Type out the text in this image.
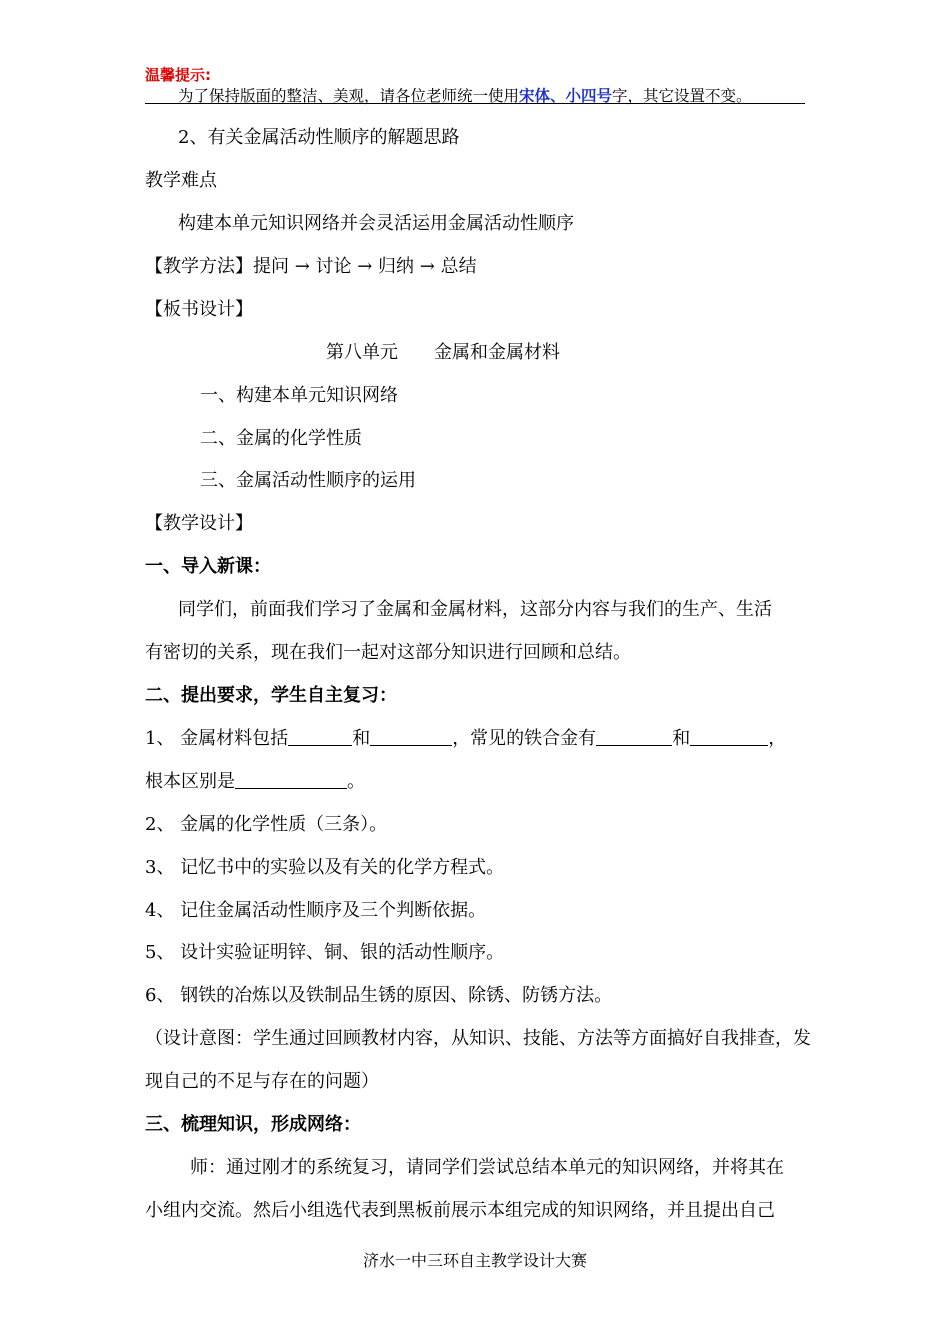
温馨提示:
为了保持版面的整洁、美观，请各位老师统一使用宋体、小四号字，其它设置不变。
2、有关金属活动性顺序的解题思路
教学难点
构建本单元知识网络并会灵活运用金属活动性顺序
【教学方法】提问 → 讨论 → 归纳 → 总结
【板书设计】
第八单元　　金属和金属材料
一、构建本单元知识网络
二、金属的化学性质
三、金属活动性顺序的运用
【教学设计】
一、导入新课：
同学们，前面我们学习了金属和金属材料，这部分内容与我们的生产、生活
有密切的关系，现在我们一起对这部分知识进行回顾和总结。
二、提出要求，学生自主复习：
1、 金属材料包括	和	，常见的铁合金有	和	，
根本区别是	。
2、 金属的化学性质（三条）。
3、 记忆书中的实验以及有关的化学方程式。
4、 记住金属活动性顺序及三个判断依据。
5、 设计实验证明锌、铜、银的活动性顺序。
6、 钢铁的冶炼以及铁制品生锈的原因、除锈、防锈方法。
（设计意图：学生通过回顾教材内容，从知识、技能、方法等方面搞好自我排查，发
现自己的不足与存在的问题）
三、梳理知识，形成网络：
师：通过刚才的系统复习，请同学们尝试总结本单元的知识网络，并将其在
小组内交流。然后小组选代表到黑板前展示本组完成的知识网络，并且提出自己
济水一中三环自主教学设计大赛
